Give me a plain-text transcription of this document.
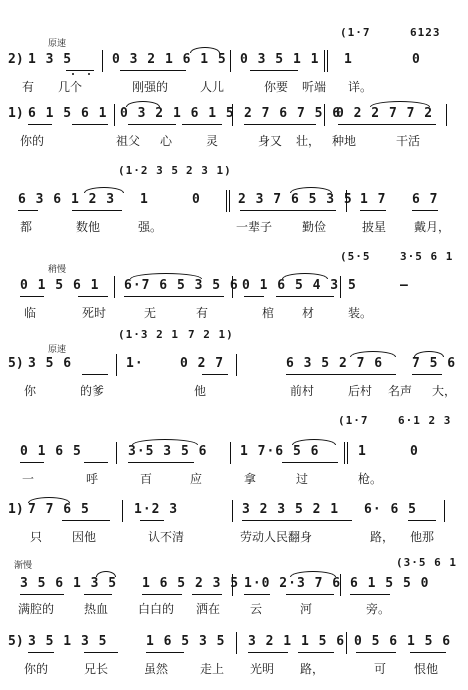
原速
(1·7	6123
2) 1 3 5	0 3 2 1 6 1 5 0 3 5 1 1 1	0
有 几个	刚强的	人儿	你要 听端 详。
1) 6 1 5 6 1 0 3 2 1 6 1 5 2 7 6 7 5 6
0 2 2 7 7 2
你的	祖父 心	灵	身又 壮， 种地	干活
(1·2 3 5 2 3 1)
6 3 6 1 2 3 1	0	2 3 7 6 5 3 5 1 7 6 7
都	数他	强。	一辈子 勤俭	披星 戴月，
稍慢
(5·5	3·5 6 1
0 1 5 6 1 6·7 6 5 3 5 6 0 1 6 5 4 3 5	—
临	死时	无	有	棺 材	装。
原速
(1·3 2 1 7 2 1)
5) 3 5 6	1·	0 2 7	6 3 5 2 7 6 7 5 6
你	的爹	他	前村	后村 名声 大，
(1·7	6·1 2 3
0 1 6 5	3·5 3 5 6	1 7·6 5 6	1	0
一	呼	百	应	拿	过	枪。
1) 7 7 6 5	1·2 3	3 2 3 5 2 1 6· 6 5
只 因他	认不清	劳动人民翻身	路， 他那
渐慢	(3·5 6 1
3 5 6 1 3 5 1 6 5 2 3 5 1·0 2·3 7 6 6 1 5 5 0
满腔的 热血 白白的 洒在 云	河	旁。
5) 3 5 1 3 5	1 6 5 3 5 3 2 1 1 5 6 0 5 6 1 5 6
你的	兄长	虽然	走上 光明 路，	可 恨他
